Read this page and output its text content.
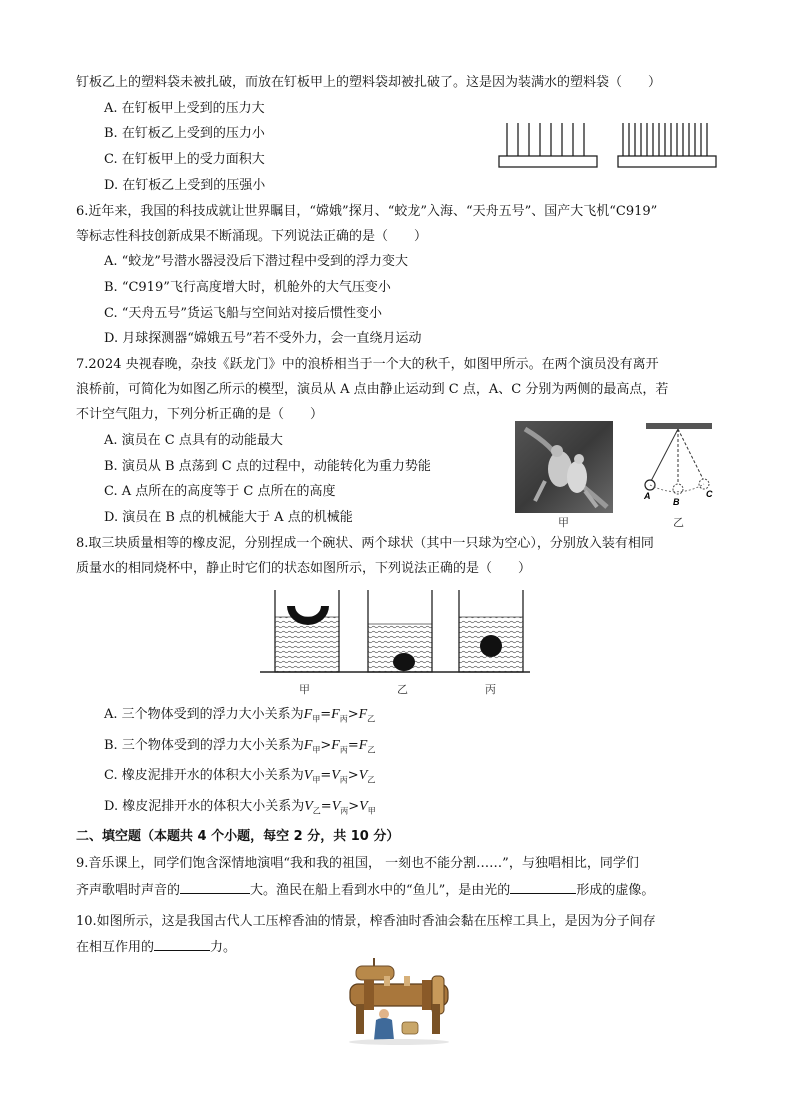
钉板乙上的塑料袋未被扎破，而放在钉板甲上的塑料袋却被扎破了。这是因为装满水的塑料袋（　　）
A. 在钉板甲上受到的压力大
B. 在钉板乙上受到的压力小
C. 在钉板甲上的受力面积大
D. 在钉板乙上受到的压强小
6.近年来，我国的科技成就让世界瞩目，“嫦娥”探月、“蛟龙”入海、“天舟五号”、国产大飞机“C919”
等标志性科技创新成果不断涌现。下列说法正确的是（　　）
A. “蛟龙”号潜水器浸没后下潜过程中受到的浮力变大
B. “C919”飞行高度增大时，机舱外的大气压变小
C. “天舟五号”货运飞船与空间站对接后惯性变小
D. 月球探测器“嫦娥五号”若不受外力，会一直绕月运动
7.2024 央视春晚，杂技《跃龙门》中的浪桥相当于一个大的秋千，如图甲所示。在两个演员没有离开
浪桥前，可简化为如图乙所示的模型，演员从 A 点由静止运动到 C 点，A、C 分别为两侧的最高点，若
不计空气阻力，下列分析正确的是（　　）
A. 演员在 C 点具有的动能最大
B. 演员从 B 点荡到 C 点的过程中，动能转化为重力势能
C. A 点所在的高度等于 C 点所在的高度
D. 演员在 B 点的机械能大于 A 点的机械能	甲
A
B
C
乙
8.取三块质量相等的橡皮泥，分别捏成一个碗状、两个球状（其中一只球为空心），分别放入装有相同
质量水的相同烧杯中，静止时它们的状态如图所示，下列说法正确的是（　　）
甲	乙	丙
A. 三个物体受到的浮力大小关系为$F_甲=F_丙>F_乙$
B. 三个物体受到的浮力大小关系为$F_甲>F_丙=F_乙$
C. 橡皮泥排开水的体积大小关系为$V_甲=V_丙>V_乙$
D. 橡皮泥排开水的体积大小关系为$V_乙=V_丙>V_甲$
二、填空题（本题共 4 个小题，每空 2 分，共 10 分）
9.音乐课上，同学们饱含深情地演唱“我和我的祖国， 一刻也不能分割……”，与独唱相比，同学们
齐声歌唱时声音的	大。渔民在船上看到水中的“鱼儿”，是由光的	形成的虚像。
10.如图所示，这是我国古代人工压榨香油的情景，榨香油时香油会黏在压榨工具上，是因为分子间存
在相互作用的	力。
